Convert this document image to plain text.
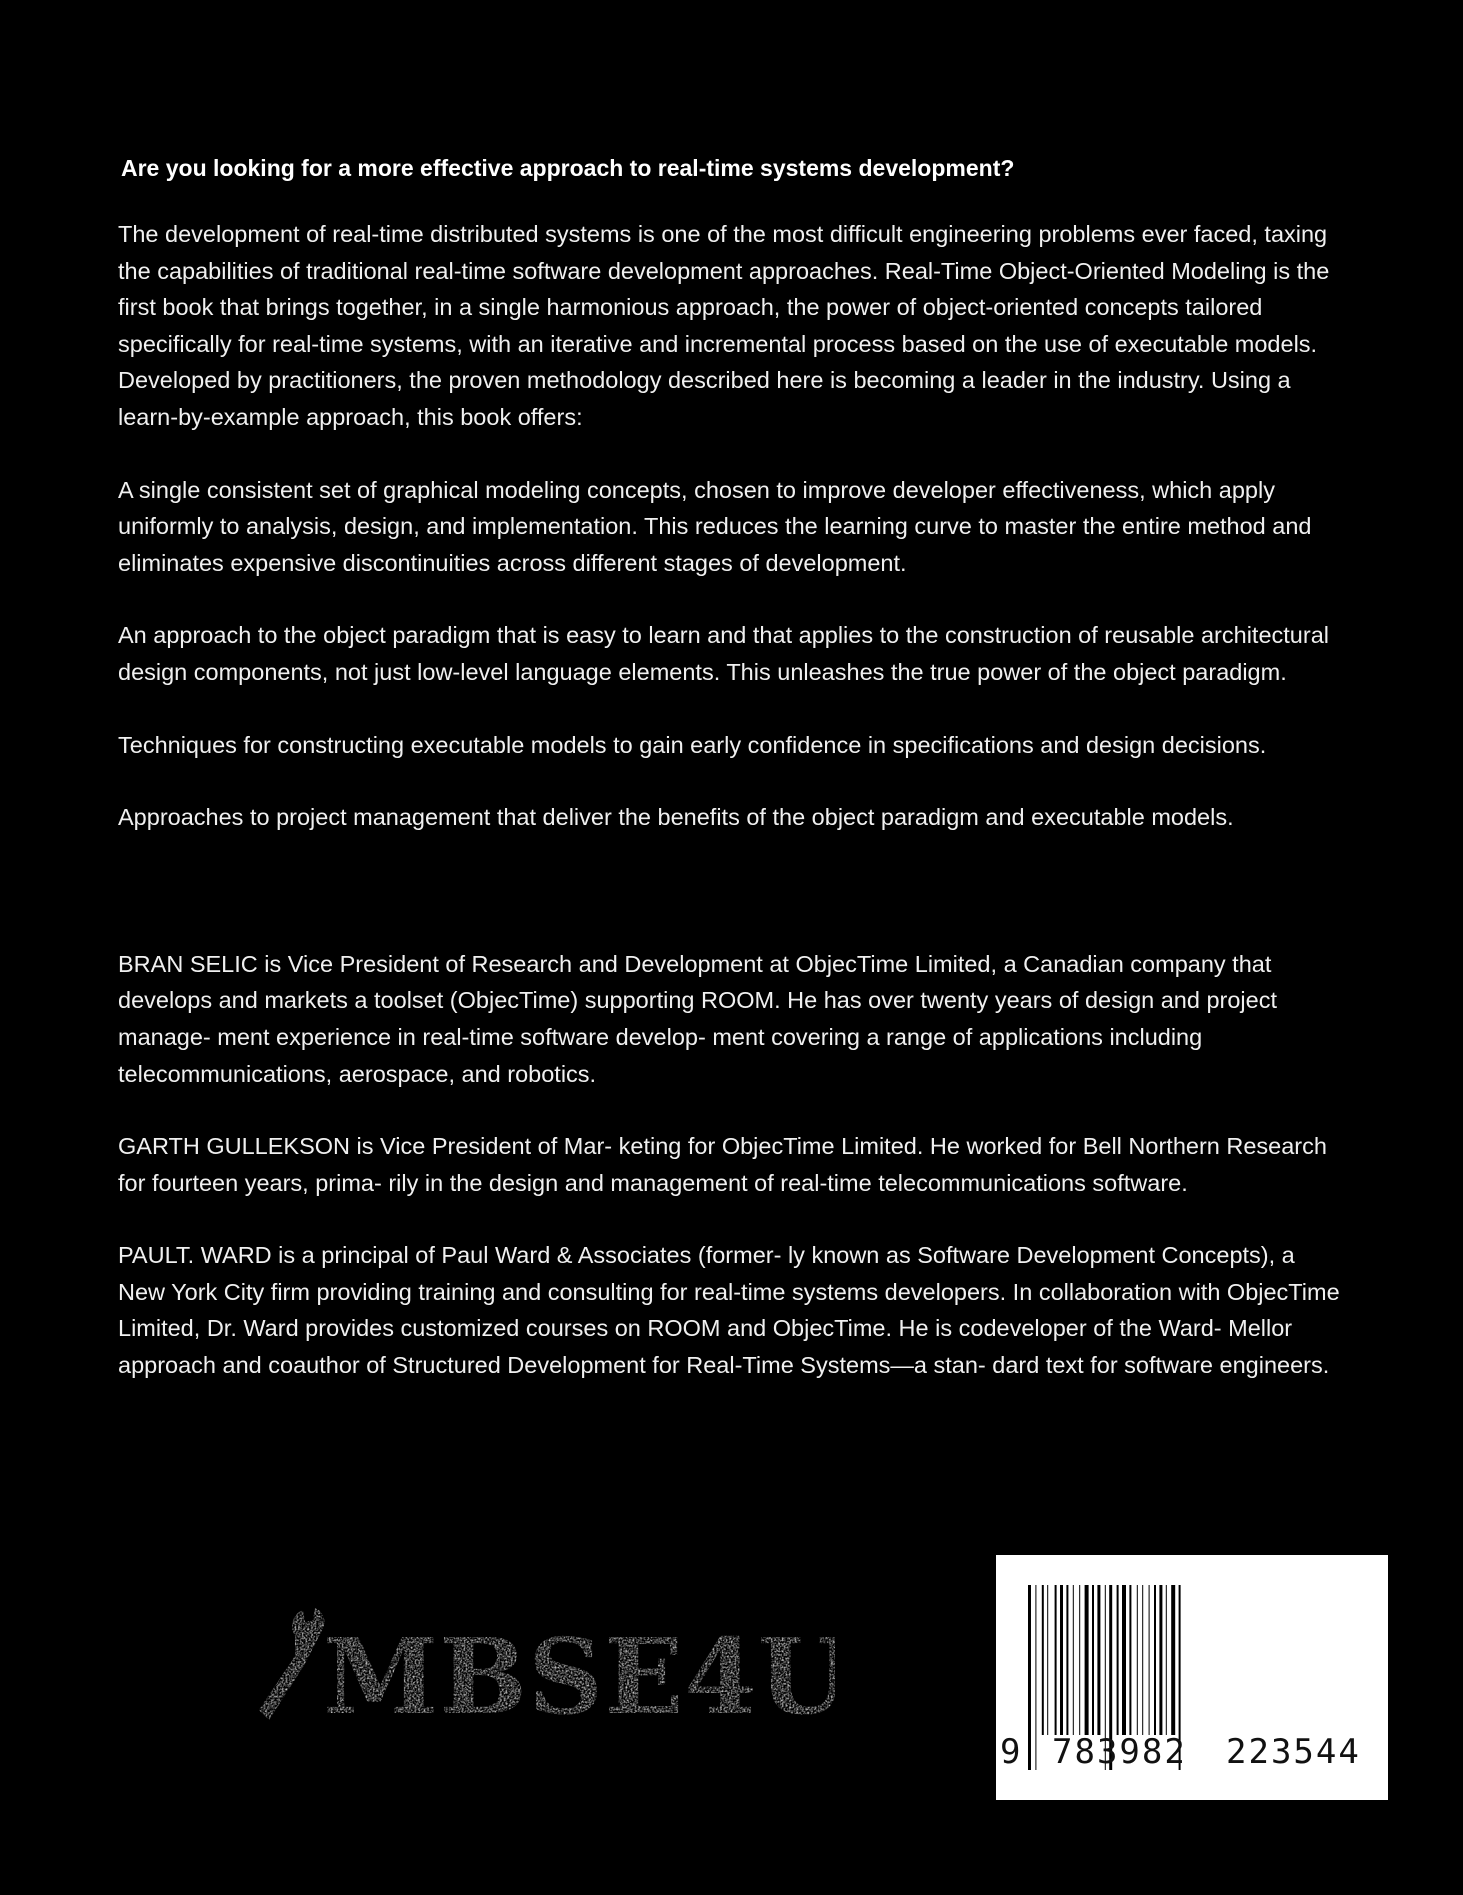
Are you looking for a more effective approach to real-time systems development?

The development of real-time distributed systems is one of the most difficult engineering problems ever faced, taxing the capabilities of traditional real-time software development approaches. Real-Time Object-Oriented Modeling is the first book that brings together, in a single harmonious approach, the power of object-oriented concepts tailored specifically for real-time systems, with an iterative and incremental process based on the use of executable models. Developed by practitioners, the proven methodology described here is becoming a leader in the industry. Using a learn-by-example approach, this book offers:

A single consistent set of graphical modeling concepts, chosen to improve developer effectiveness, which apply uniformly to analysis, design, and implementation. This reduces the learning curve to master the entire method and eliminates expensive discontinuities across different stages of development.

An approach to the object paradigm that is easy to learn and that applies to the construction of reusable architectural design components, not just low-level language elements. This unleashes the true power of the object paradigm.

Techniques for constructing executable models to gain early confidence in specifications and design decisions.

Approaches to project management that deliver the benefits of the object paradigm and executable models.

BRAN SELIC is Vice President of Research and Development at ObjecTime Limited, a Canadian company that develops and markets a toolset (ObjecTime) supporting ROOM. He has over twenty years of design and project manage- ment experience in real-time software develop- ment covering a range of applications including telecommunications, aerospace, and robotics.

GARTH GULLEKSON is Vice President of Mar- keting for ObjecTime Limited. He worked for Bell Northern Research for fourteen years, prima- rily in the design and management of real-time telecommunications software.

PAULT. WARD is a principal of Paul Ward & Associates (former- ly known as Software Development Concepts), a New York City firm providing training and consulting for real-time systems developers. In collaboration with ObjecTime Limited, Dr. Ward provides customized courses on ROOM and ObjecTime. He is codeveloper of the Ward- Mellor approach and coauthor of Structured Development for Real-Time Systems—a stan- dard text for software engineers.

MBSE4U
9 783982 223544
